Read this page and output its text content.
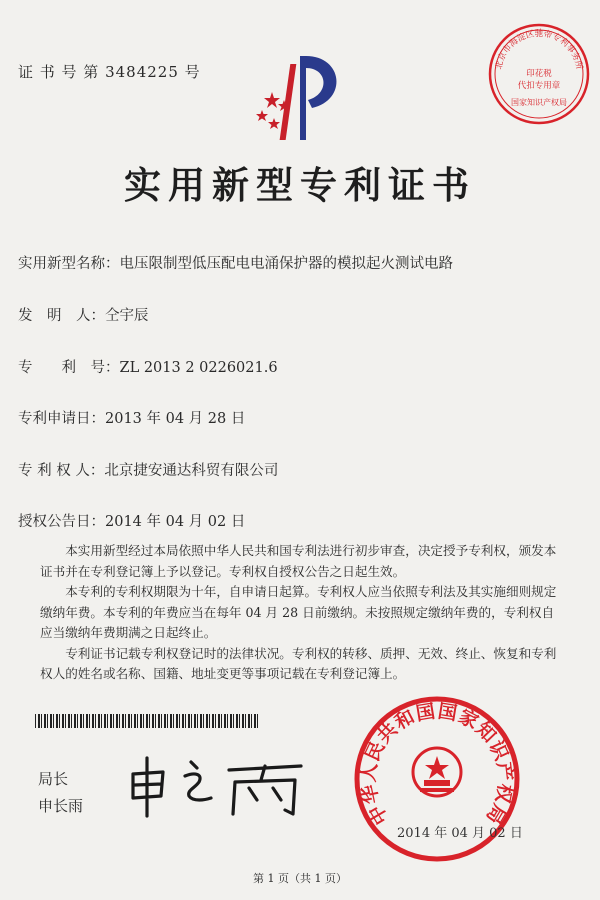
证 书 号 第 3484225 号	北京市海淀区驰帝专利事务所
印花税
代扣专用章
国家知识产权局
实用新型专利证书
实用新型名称：电压限制型低压配电电涌保护器的模拟起火测试电路
发　明　人：仝宇辰
专　　利　号：ZL 2013 2 0226021.6
专利申请日：2013 年 04 月 28 日
专 利 权 人：北京捷安通达科贸有限公司
授权公告日：2014 年 04 月 02 日

本实用新型经过本局依照中华人民共和国专利法进行初步审查，决定授予专利权，颁发本证书并在专利登记簿上予以登记。专利权自授权公告之日起生效。

本专利的专利权期限为十年，自申请日起算。专利权人应当依照专利法及其实施细则规定缴纳年费。本专利的年费应当在每年 04 月 28 日前缴纳。未按照规定缴纳年费的，专利权自应当缴纳年费期满之日起终止。

专利证书记载专利权登记时的法律状况。专利权的转移、质押、无效、终止、恢复和专利权人的姓名或名称、国籍、地址变更等事项记载在专利登记簿上。

局长
申长雨	中华人民共和国国家知识产权局
2014 年 04 月 02 日
第 1 页（共 1 页）
